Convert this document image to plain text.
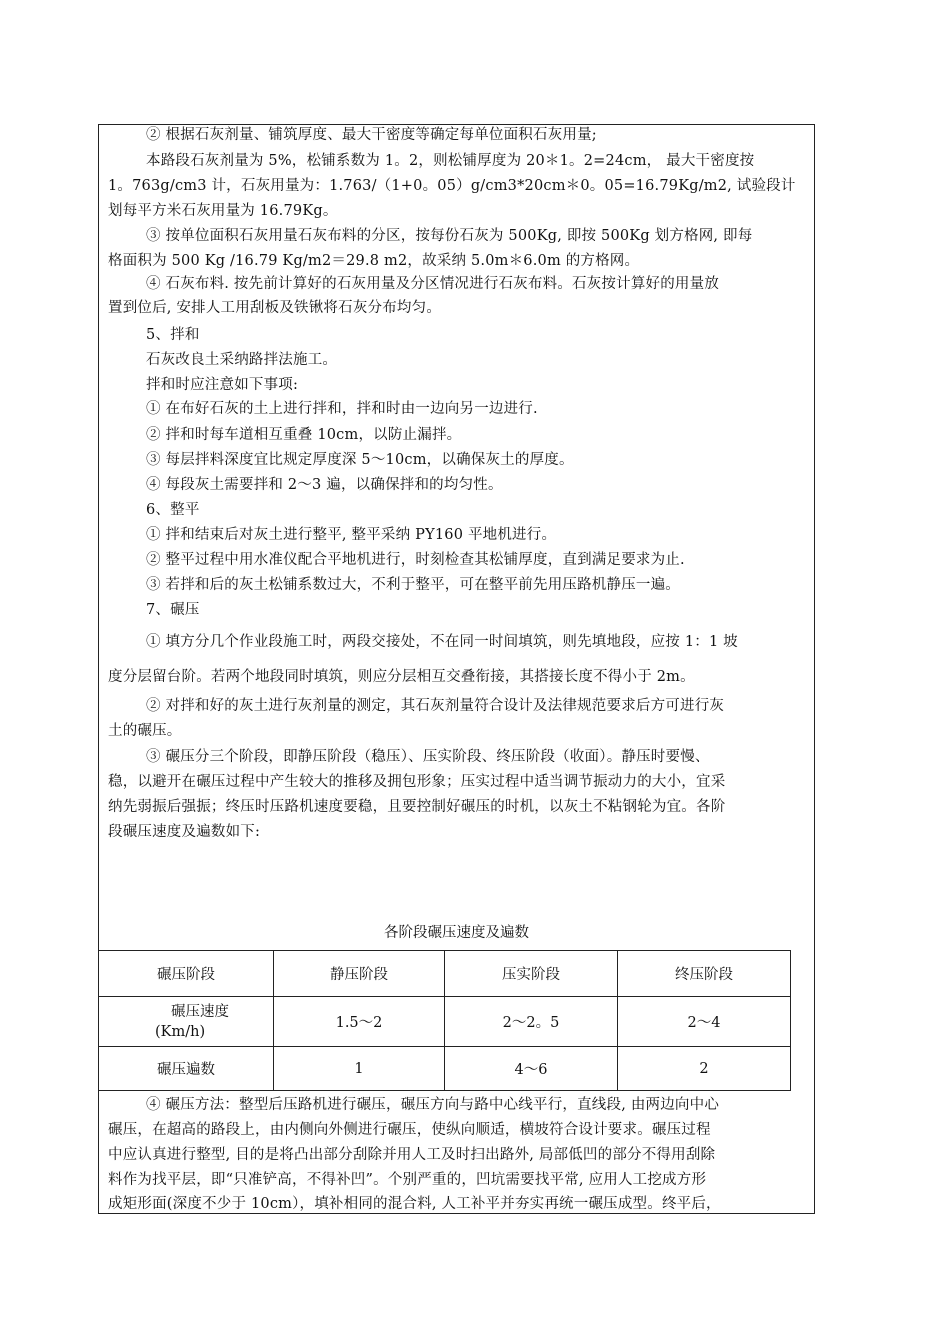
② 根据石灰剂量、铺筑厚度、最大干密度等确定每单位面积石灰用量;
本路段石灰剂量为 5%，松铺系数为 1。2，则松铺厚度为 20＊1。2=24cm， 最大干密度按
1。763g/cm3 计，石灰用量为：1.763/（1+0。05）g/cm3*20cm＊0。05=16.79Kg/m2, 试验段计
划每平方米石灰用量为 16.79Kg。
③ 按单位面积石灰用量石灰布料的分区，按每份石灰为 500Kg, 即按 500Kg 划方格网, 即每
格面积为 500 Kg /16.79 Kg/m2＝29.8 m2，故采纳 5.0m＊6.0m 的方格网。
④ 石灰布料. 按先前计算好的石灰用量及分区情况进行石灰布料。石灰按计算好的用量放
置到位后, 安排人工用刮板及铁锹将石灰分布均匀。
5、拌和
石灰改良土采纳路拌法施工。
拌和时应注意如下事项:
① 在布好石灰的土上进行拌和，拌和时由一边向另一边进行.
② 拌和时每车道相互重叠 10cm，以防止漏拌。
③ 每层拌料深度宜比规定厚度深 5～10cm，以确保灰土的厚度。
④ 每段灰土需要拌和 2～3 遍，以确保拌和的均匀性。
6、整平
① 拌和结束后对灰土进行整平, 整平采纳 PY160 平地机进行。
② 整平过程中用水准仪配合平地机进行，时刻检查其松铺厚度，直到满足要求为止.
③ 若拌和后的灰土松铺系数过大，不利于整平，可在整平前先用压路机静压一遍。
7、碾压
① 填方分几个作业段施工时，两段交接处，不在同一时间填筑，则先填地段，应按 1：1 坡
度分层留台阶。若两个地段同时填筑，则应分层相互交叠衔接，其搭接长度不得小于 2m。
② 对拌和好的灰土进行灰剂量的测定，其石灰剂量符合设计及法律规范要求后方可进行灰
土的碾压。
③ 碾压分三个阶段，即静压阶段（稳压）、压实阶段、终压阶段（收面）。静压时要慢、
稳，以避开在碾压过程中产生较大的推移及拥包形象；压实过程中适当调节振动力的大小，宜采
纳先弱振后强振；终压时压路机速度要稳，且要控制好碾压的时机，以灰土不粘钢轮为宜。各阶
段碾压速度及遍数如下:
各阶段碾压速度及遍数
碾压阶段	静压阶段	压实阶段	终压阶段

碾压速度
(Km/h)	1.5～2	2～2。5	2～4
碾压遍数	1	4～6	2
④ 碾压方法：整型后压路机进行碾压，碾压方向与路中心线平行，直线段, 由两边向中心
碾压，在超高的路段上，由内侧向外侧进行碾压，使纵向顺适，横坡符合设计要求。碾压过程
中应认真进行整型, 目的是将凸出部分刮除并用人工及时扫出路外, 局部低凹的部分不得用刮除
料作为找平层，即“只准铲高，不得补凹”。个别严重的，凹坑需要找平常, 应用人工挖成方形
成矩形面(深度不少于 10cm），填补相同的混合料, 人工补平并夯实再统一碾压成型。终平后，
